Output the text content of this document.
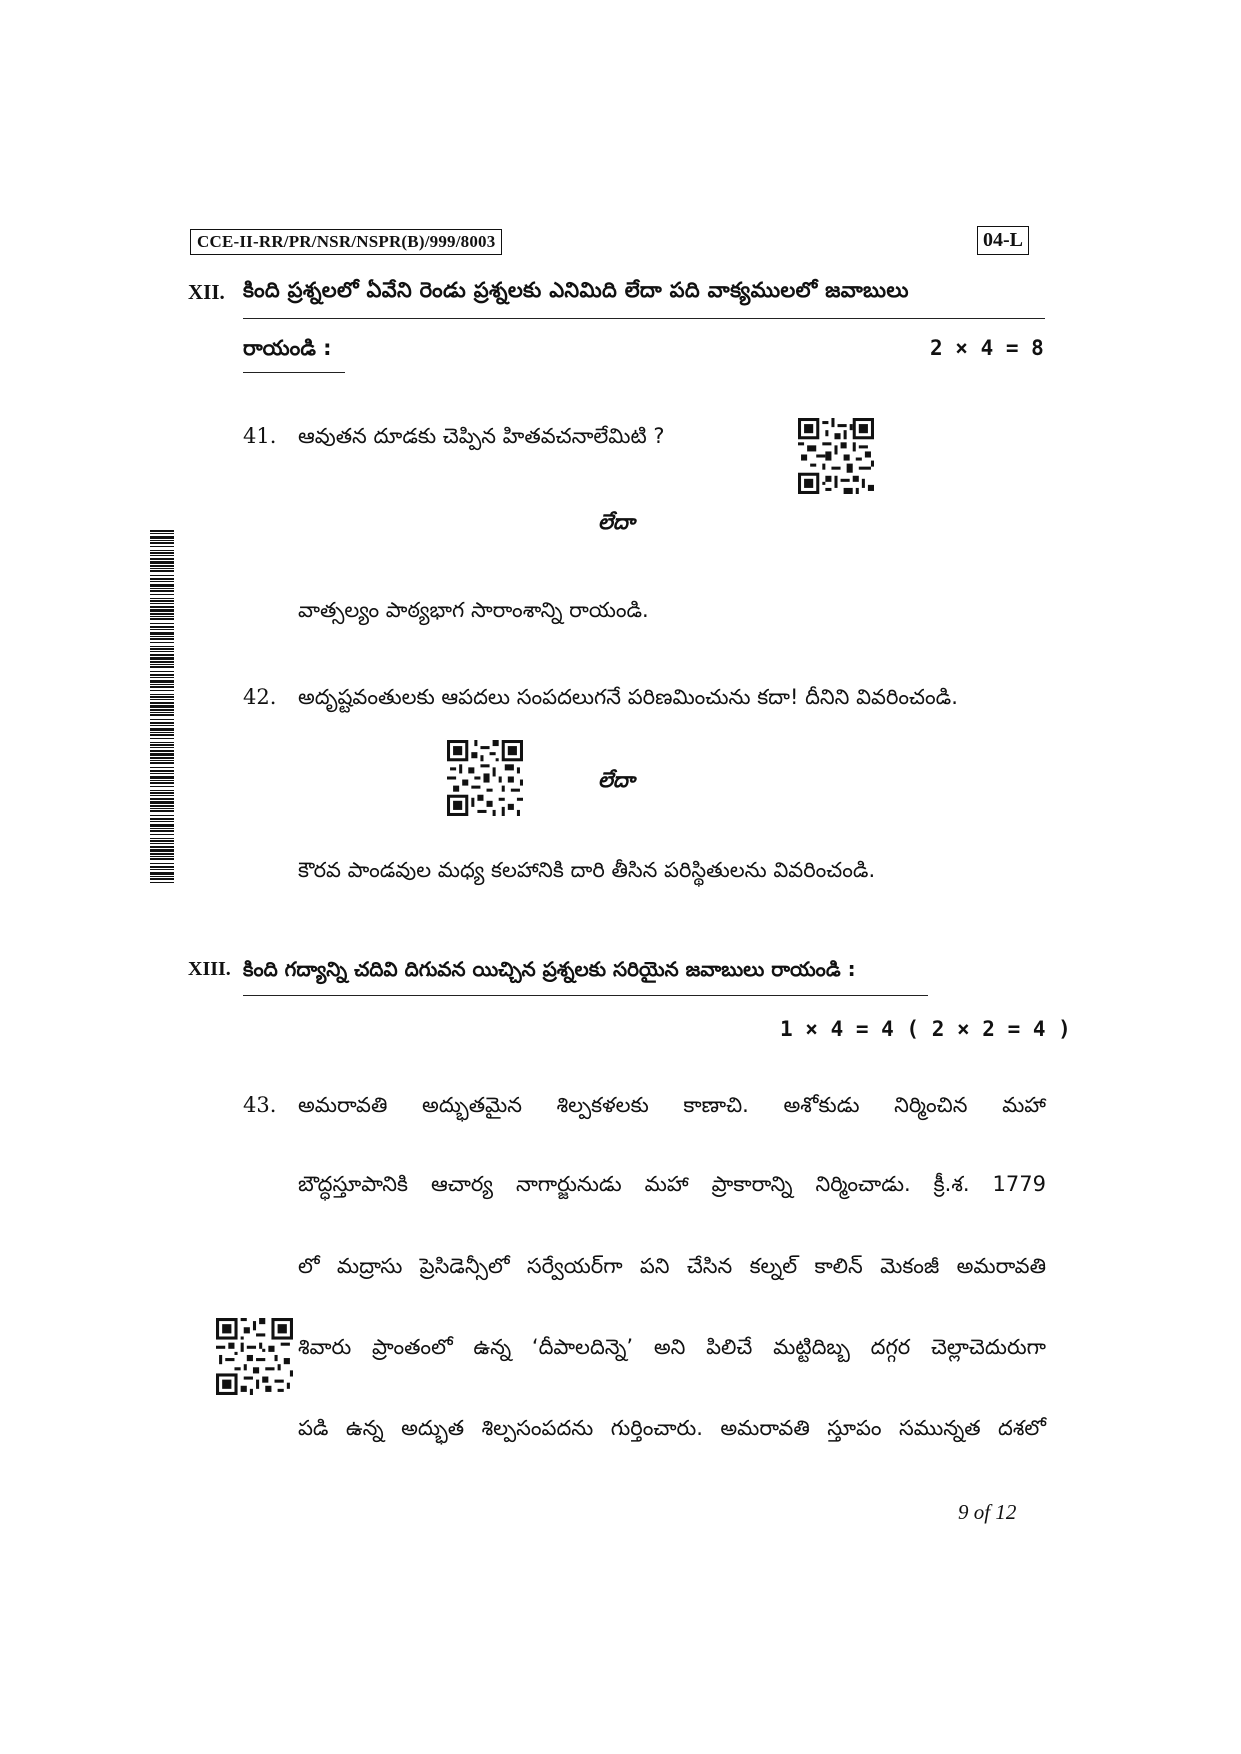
CCE-II-RR/PR/NSR/NSPR(B)/999/8003	04-L
XII. కింది ప్రశ్నలలో ఏవేని రెండు ప్రశ్నలకు ఎనిమిది లేదా పది వాక్యములలో జవాబులు
రాయండి :	2 × 4 = 8
41. ఆవుతన దూడకు చెప్పిన హితవచనాలేమిటి ?
లేదా
వాత్సల్యం పాఠ్యభాగ సారాంశాన్ని రాయండి.
42. అదృష్టవంతులకు ఆపదలు సంపదలుగనే పరిణమించును కదా! దీనిని వివరించండి.
లేదా
కౌరవ పాండవుల మధ్య కలహానికి దారి తీసిన పరిస్థితులను వివరించండి.
XIII. కింది గద్యాన్ని చదివి దిగువన యిచ్చిన ప్రశ్నలకు సరియైన జవాబులు రాయండి :
1 × 4 = 4 ( 2 × 2 = 4 )
43. అమరావతి అద్భుతమైన శిల్పకళలకు కాణాచి. అశోకుడు నిర్మించిన మహా
బౌద్ధస్తూపానికి ఆచార్య నాగార్జునుడు మహా ప్రాకారాన్ని నిర్మించాడు. క్రీ.శ. 1779
లో మద్రాసు ప్రెసిడెన్సీలో సర్వేయర్‌గా పని చేసిన కల్నల్ కాలిన్ మెకంజీ అమరావతి
శివారు ప్రాంతంలో ఉన్న ‘దీపాలదిన్నె’ అని పిలిచే మట్టిదిబ్బ దగ్గర చెల్లాచెదురుగా
పడి ఉన్న అద్భుత శిల్పసంపదను గుర్తించారు. అమరావతి స్తూపం సమున్నత దశలో
9 of 12
